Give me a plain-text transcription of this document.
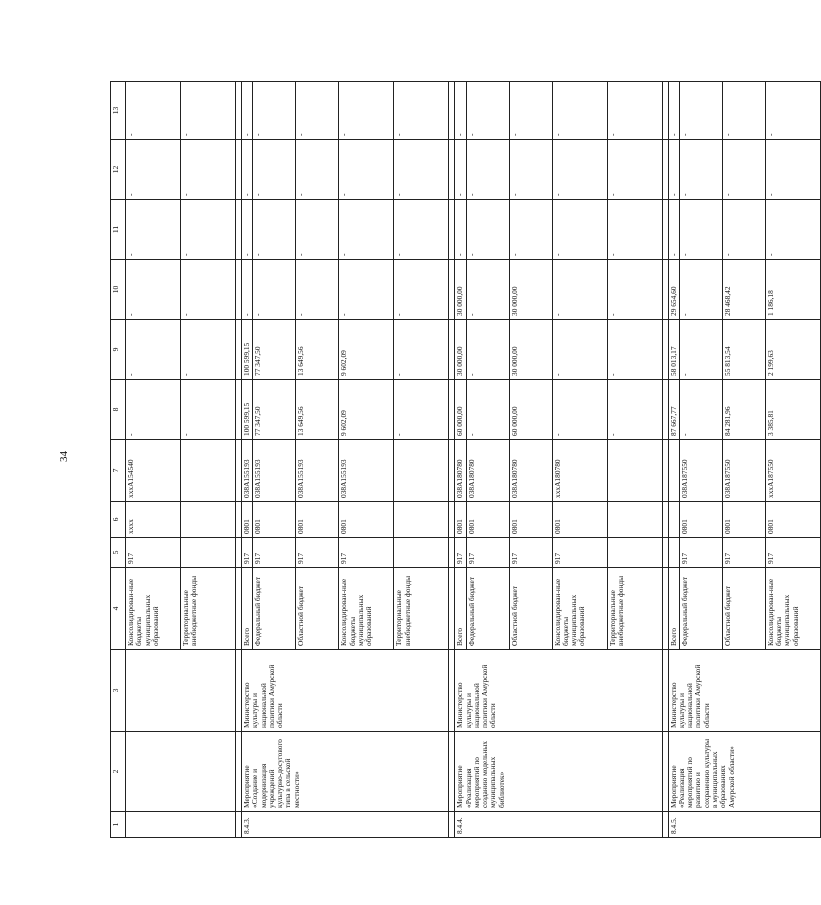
34
1	2	3	4	5	6	7	8	9	10	11	12	13
			Консолидирован-ные бюджеты муниципальных образований	917	xxxx	xxxA154540	-	-	-	-	-	-
			Территориальные внебюджетные фонды				-	-	-	-	-	-

8.4.3.	Мероприятие «Создание и модернизация учреждений культурно-досугового типа в сельской местности»	Министерство культуры и национальной политики Амурской области	Всего	917	0801	038A155193	100 599,15	100 599,15	-	-	-	-
			Федеральный бюджет	917	0801	038A155193	77 347,50	77 347,50	-	-	-	-
			Областной бюджет	917	0801	038A155193	13 649,56	13 649,56	-	-	-	-
			Консолидирован-ные бюджеты муниципальных образований	917	0801	038A155193	9 602,09	9 602,09	-	-	-	-
			Территориальные внебюджетные фонды				-	-	-	-	-	-

8.4.4.	Мероприятие «Реализация мероприятий по созданию модельных муниципальных библиотек»	Министерство культуры и национальной политики Амурской области	Всего	917	0801	038A180780	60 000,00	30 000,00	30 000,00	-	-	-
			Федеральный бюджет	917	0801	038A180780	-	-	-	-	-	-
			Областной бюджет	917	0801	038A180780	60 000,00	30 000,00	30 000,00	-	-	-
			Консолидирован-ные бюджеты муниципальных образований	917	0801	xxxA180780	-	-	-	-	-	-
			Территориальные внебюджетные фонды				-	-	-	-	-	-

8.4.5.	Мероприятие «Реализация мероприятий по развитию и сохранению культуры в муниципальных образованиях Амурской области»	Министерство культуры и национальной политики Амурской области	Всего				87 667,77	58 013,17	29 654,60	-	-	-
			Федеральный бюджет	917	0801	038A187550	-	-	-	-	-	-
			Областной бюджет	917	0801	038A187550	84 281,96	55 813,54	28 468,42	-	-	-
			Консолидирован-ные бюджеты муниципальных образований	917	0801	xxxA187550	3 385,81	2 199,63	1 186,18	-	-	-
